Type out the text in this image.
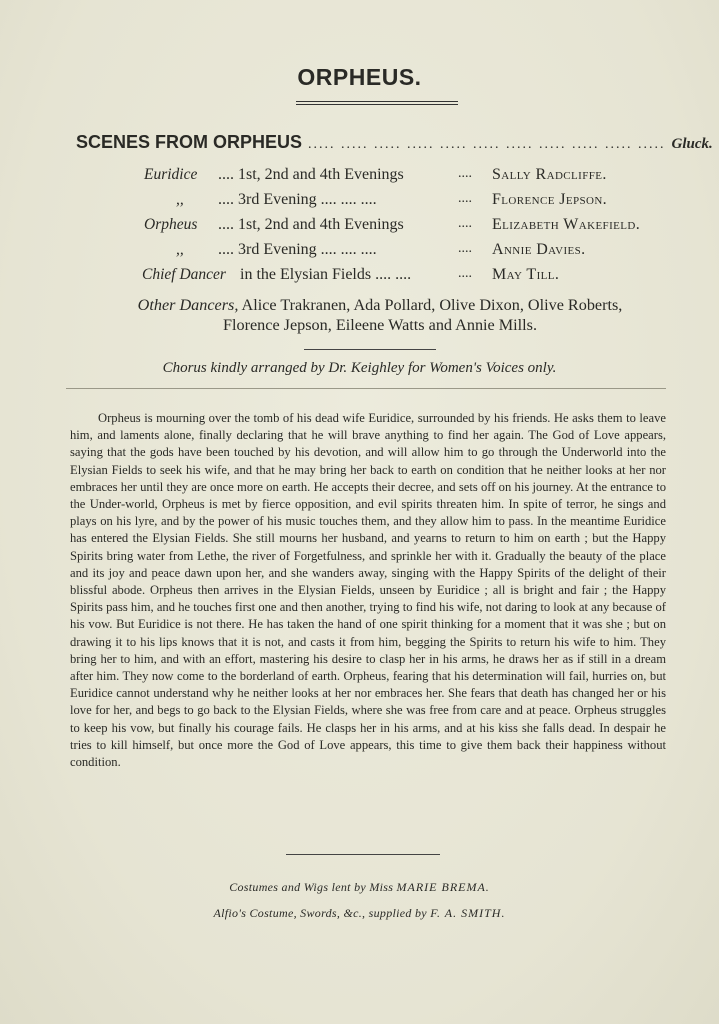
ORPHEUS.
SCENES FROM ORPHEUS ..... ..... ..... ..... ..... ..... ..... ..... ..... ..... ..... Gluck.
Euridice .... 1st, 2nd and 4th Evenings	.... Sally Radcliffe.
,, .... 3rd Evening .... .... ....	.... Florence Jepson.
Orpheus .... 1st, 2nd and 4th Evenings	.... Elizabeth Wakefield.
,, .... 3rd Evening .... .... ....	.... Annie Davies.
Chief Dancer in the Elysian Fields .... ....	.... May Till.
Other Dancers, Alice Trakranen, Ada Pollard, Olive Dixon, Olive Roberts,
Florence Jepson, Eileene Watts and Annie Mills.
Chorus kindly arranged by Dr. Keighley for Women's Voices only.

Orpheus is mourning over the tomb of his dead wife Euridice, surrounded by his friends. He asks them to leave him, and laments alone, finally declaring that he will brave anything to find her again. The God of Love appears, saying that the gods have been touched by his devotion, and will allow him to go through the Underworld into the Elysian Fields to seek his wife, and that he may bring her back to earth on condition that he neither looks at her nor embraces her until they are once more on earth. He accepts their decree, and sets off on his journey. At the entrance to the Under-world, Orpheus is met by fierce opposition, and evil spirits threaten him. In spite of terror, he sings and plays on his lyre, and by the power of his music touches them, and they allow him to pass. In the meantime Euridice has entered the Elysian Fields. She still mourns her husband, and yearns to return to him on earth ; but the Happy Spirits bring water from Lethe, the river of Forgetfulness, and sprinkle her with it. Gradually the beauty of the place and its joy and peace dawn upon her, and she wanders away, singing with the Happy Spirits of the delight of their blissful abode. Orpheus then arrives in the Elysian Fields, unseen by Euridice ; all is bright and fair ; the Happy Spirits pass him, and he touches first one and then another, trying to find his wife, not daring to look at any because of his vow. But Euridice is not there. He has taken the hand of one spirit thinking for a moment that it was she ; but on drawing it to his lips knows that it is not, and casts it from him, begging the Spirits to return his wife to him. They bring her to him, and with an effort, mastering his desire to clasp her in his arms, he draws her as if still in a dream after him. They now come to the borderland of earth. Orpheus, fearing that his determination will fail, hurries on, but Euridice cannot understand why he neither looks at her nor embraces her. She fears that death has changed her or his love for her, and begs to go back to the Elysian Fields, where she was free from care and at peace. Orpheus struggles to keep his vow, but finally his courage fails. He clasps her in his arms, and at his kiss she falls dead. In despair he tries to kill himself, but once more the God of Love appears, this time to give them back their happiness without condition.

Costumes and Wigs lent by Miss MARIE BREMA.
Alfio's Costume, Swords, &c., supplied by F. A. SMITH.
